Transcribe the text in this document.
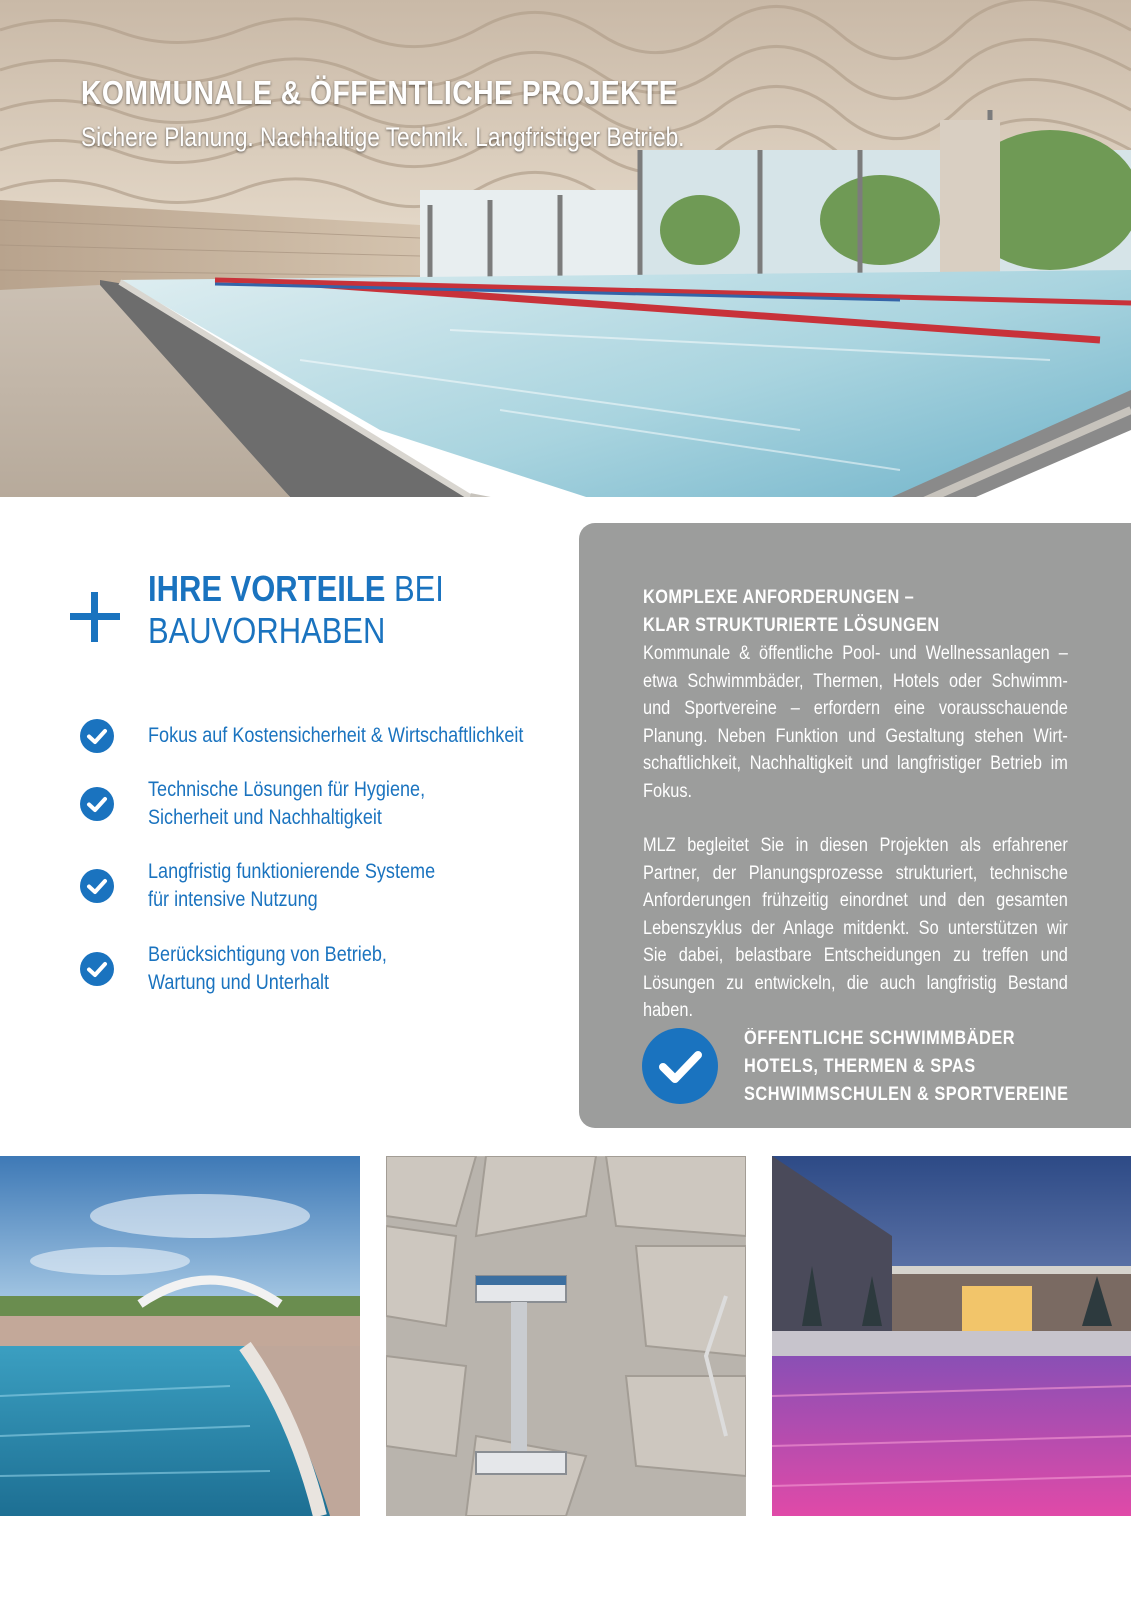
KOMMUNALE & ÖFFENTLICHE PROJEKTE

Sichere Planung. Nachhaltige Technik. Langfristiger Betrieb.

IHRE VORTEILE BEI
BAUVORHABEN

Fokus auf Kostensicherheit & Wirtschaftlichkeit

Technische Lösungen für Hygiene,
Sicherheit und Nachhaltigkeit

Langfristig funktionierende Systeme
für intensive Nutzung

Berücksichtigung von Betrieb,
Wartung und Unterhalt

KOMPLEXE ANFORDERUNGEN –
KLAR STRUKTURIERTE LÖSUNGEN

Kommunale & öffentliche Pool- und Wellnessanlagen – etwa Schwimmbäder, Thermen, Hotels oder Schwimm- und Sportvereine – erfordern eine vorausschauende Planung. Neben Funktion und Gestaltung stehen Wirtschaftlichkeit, Nachhaltigkeit und langfristiger Betrieb im Fokus.

MLZ begleitet Sie in diesen Projekten als erfahrener Partner, der Planungsprozesse strukturiert, technische Anforderungen frühzeitig einordnet und den gesamten Lebenszyklus der Anlage mitdenkt. So unterstützen wir Sie dabei, belastbare Entscheidungen zu treffen und Lösungen zu entwickeln, die auch langfristig Bestand haben.

ÖFFENTLICHE SCHWIMMBÄDER
HOTELS, THERMEN & SPAS
SCHWIMMSCHULEN & SPORTVEREINE
